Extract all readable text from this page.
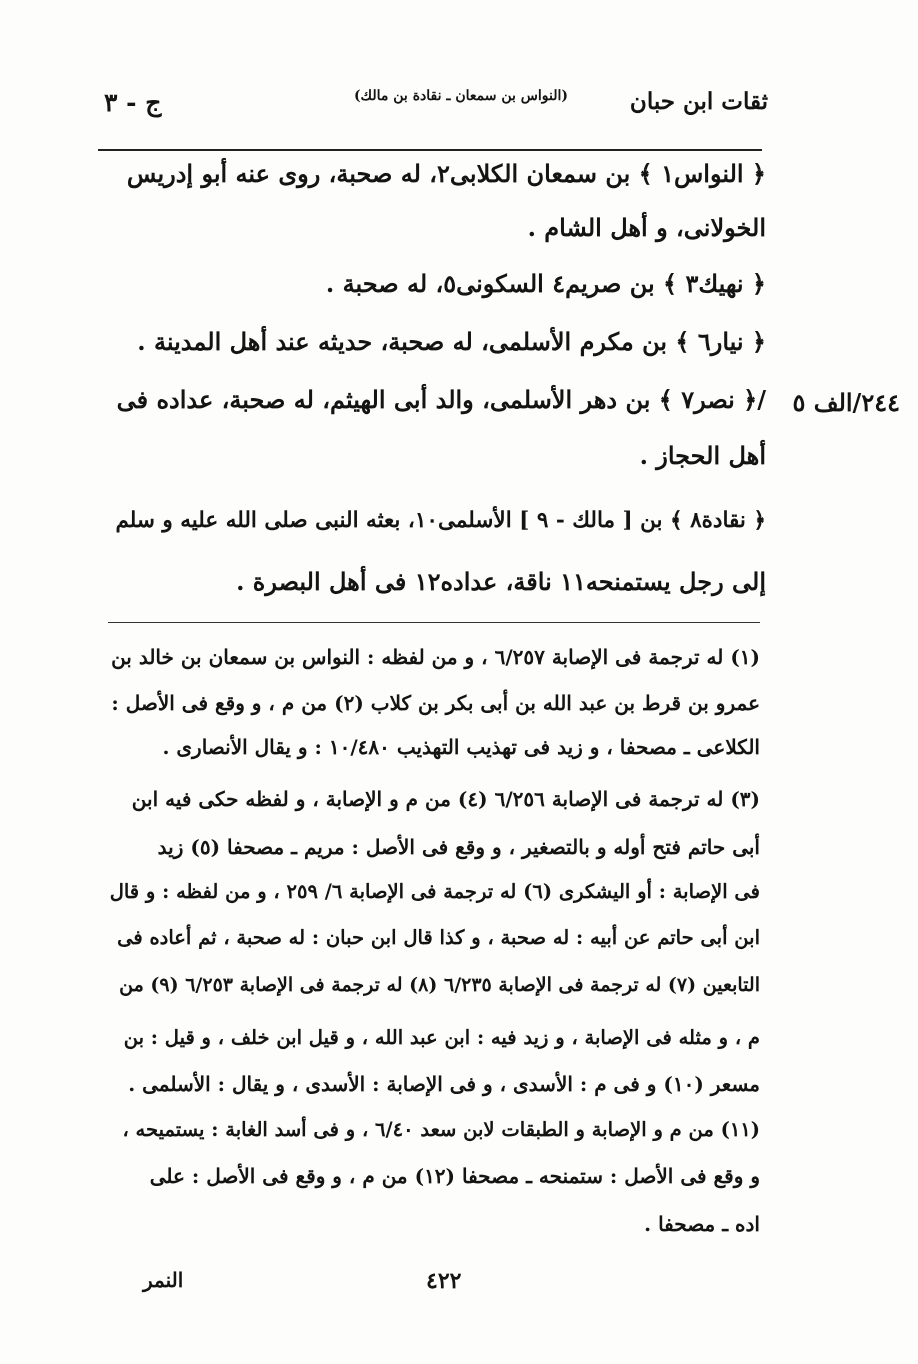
ثقات ابن حبان
(النواس بن سمعان ـ نقادة بن مالك)
ج - ٣
﴿ النواس١ ﴾ بن سمعان الكلابى٢، له صحبة، روى عنه أبو إدريس
الخولانى، و أهل الشام .
﴿ نهيك٣ ﴾ بن صريم٤ السكونى٥، له صحبة .
﴿ نيار٦ ﴾ بن مكرم الأسلمى، له صحبة، حديثه عند أهل المدينة .
/﴿ نصر٧ ﴾ بن دهر الأسلمى، والد أبى الهيثم، له صحبة، عداده فى
أهل الحجاز .
﴿ نقادة٨ ﴾ بن [ مالك - ٩ ] الأسلمى١٠، بعثه النبى صلى الله عليه و سلم
إلى رجل يستمنحه١١ ناقة، عداده١٢ فى أهل البصرة .
٢٤٤/الف ٥
(١) له ترجمة فى الإصابة ٦/٢٥٧ ، و من لفظه : النواس بن سمعان بن خالد بن
عمرو بن قرط بن عبد الله بن أبى بكر بن كلاب (٢) من م ، و وقع فى الأصل :
الكلاعى ـ مصحفا ، و زيد فى تهذيب التهذيب ١٠/٤٨٠ : و يقال الأنصارى .
(٣) له ترجمة فى الإصابة ٦/٢٥٦ (٤) من م و الإصابة ، و لفظه حكى فيه ابن
أبى حاتم فتح أوله و بالتصغير ، و وقع فى الأصل : مريم ـ مصحفا (٥) زيد
فى الإصابة : أو اليشكرى (٦) له ترجمة فى الإصابة ٦/ ٢٥٩ ، و من لفظه : و قال
ابن أبى حاتم عن أبيه : له صحبة ، و كذا قال ابن حبان : له صحبة ، ثم أعاده فى
التابعين (٧) له ترجمة فى الإصابة ٦/٢٣٥ (٨) له ترجمة فى الإصابة ٦/٢٥٣ (٩) من
م ، و مثله فى الإصابة ، و زيد فيه : ابن عبد الله ، و قيل ابن خلف ، و قيل : بن
مسعر (١٠) و فى م : الأسدى ، و فى الإصابة : الأسدى ، و يقال : الأسلمى .
(١١) من م و الإصابة و الطبقات لابن سعد ٦/٤٠ ، و فى أسد الغابة : يستميحه ،
و وقع فى الأصل : ستمنحه ـ مصحفا (١٢) من م ، و وقع فى الأصل : على
اده ـ مصحفا .
٤٢٢
النمر
